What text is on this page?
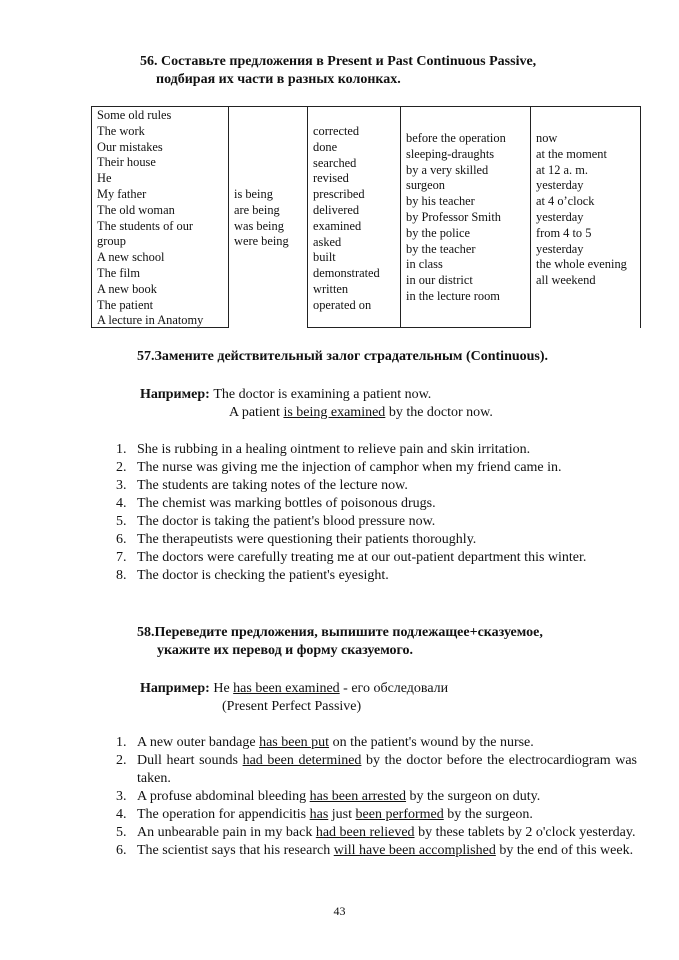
56. Составьте предложения в Present и Past Continuous Passive,
подбирая их части в разных колонках.
Some old rules
The work
Our mistakes
Their house
He
My father
The old woman
The students of our
group
A new school
The film
A new book
The patient
A lecture in Anatomy
is being
are being
was being
were being
corrected
done
searched
revised
prescribed
delivered
examined
asked
built
demonstrated
written
operated on
before the operation
sleeping-draughts
by a very skilled
surgeon
by his teacher
by Professor Smith
by the police
by the teacher
in class
in our district
in the lecture room
now
at the moment
at 12 a. m.
yesterday
at 4 o’clock
yesterday
from 4 to 5
yesterday
the whole evening
all weekend
57.Замените действительный залог страдательным (Continuous).
Например: The doctor is examining a patient now.
A patient is being examined by the doctor now.
1. She is rubbing in a healing ointment to relieve pain and skin irritation.
2. The nurse was giving me the injection of camphor when my friend came in.
3. The students are taking notes of the lecture now.
4. The chemist was marking bottles of poisonous drugs.
5. The doctor is taking the patient's blood pressure now.
6. The therapeutists were questioning their patients thoroughly.
7. The doctors were carefully treating me at our out-patient department this winter.
8. The doctor is checking the patient's eyesight.
58.Переведите предложения, выпишите подлежащее+сказуемое,
укажите их перевод и форму сказуемого.
Например: He has been examined - его обследовали
(Present Perfect Passive)
1. A new outer bandage has been put on the patient's wound by the nurse.
2. Dull heart sounds had been determined by the doctor before the electrocardiogram was taken.
3. A profuse abdominal bleeding has been arrested by the surgeon on duty.
4. The operation for appendicitis has just been performed by the surgeon.
5. An unbearable pain in my back had been relieved by these tablets by 2 o'clock yesterday.
6. The scientist says that his research will have been accomplished by the end of this week.
43
